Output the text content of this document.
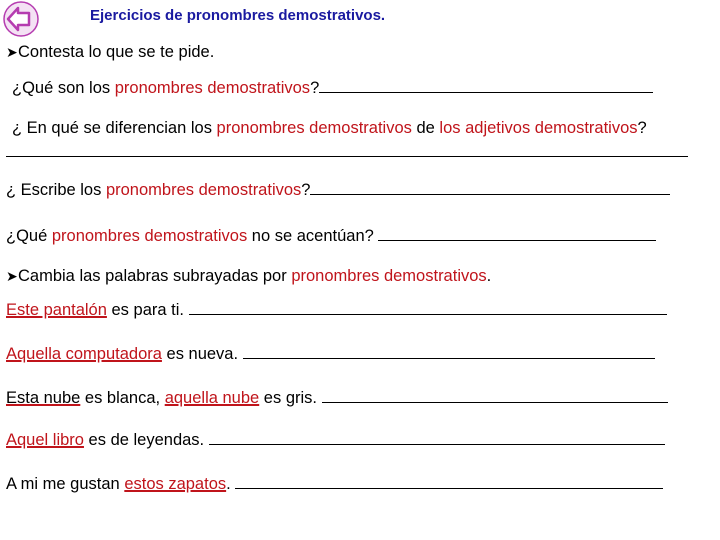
Ejercicios de pronombres demostrativos.
➤Contesta lo que se te pide.
¿Qué son los pronombres demostrativos?
¿ En qué se diferencian los pronombres demostrativos de los adjetivos demostrativos?
¿ Escribe los pronombres demostrativos?
¿Qué pronombres demostrativos no se acentúan?
➤Cambia las palabras subrayadas por pronombres demostrativos.
Este pantalón es para ti.
Aquella computadora es nueva.
Esta nube es blanca, aquella nube es gris.
Aquel libro es de leyendas.
A mi me gustan estos zapatos.
